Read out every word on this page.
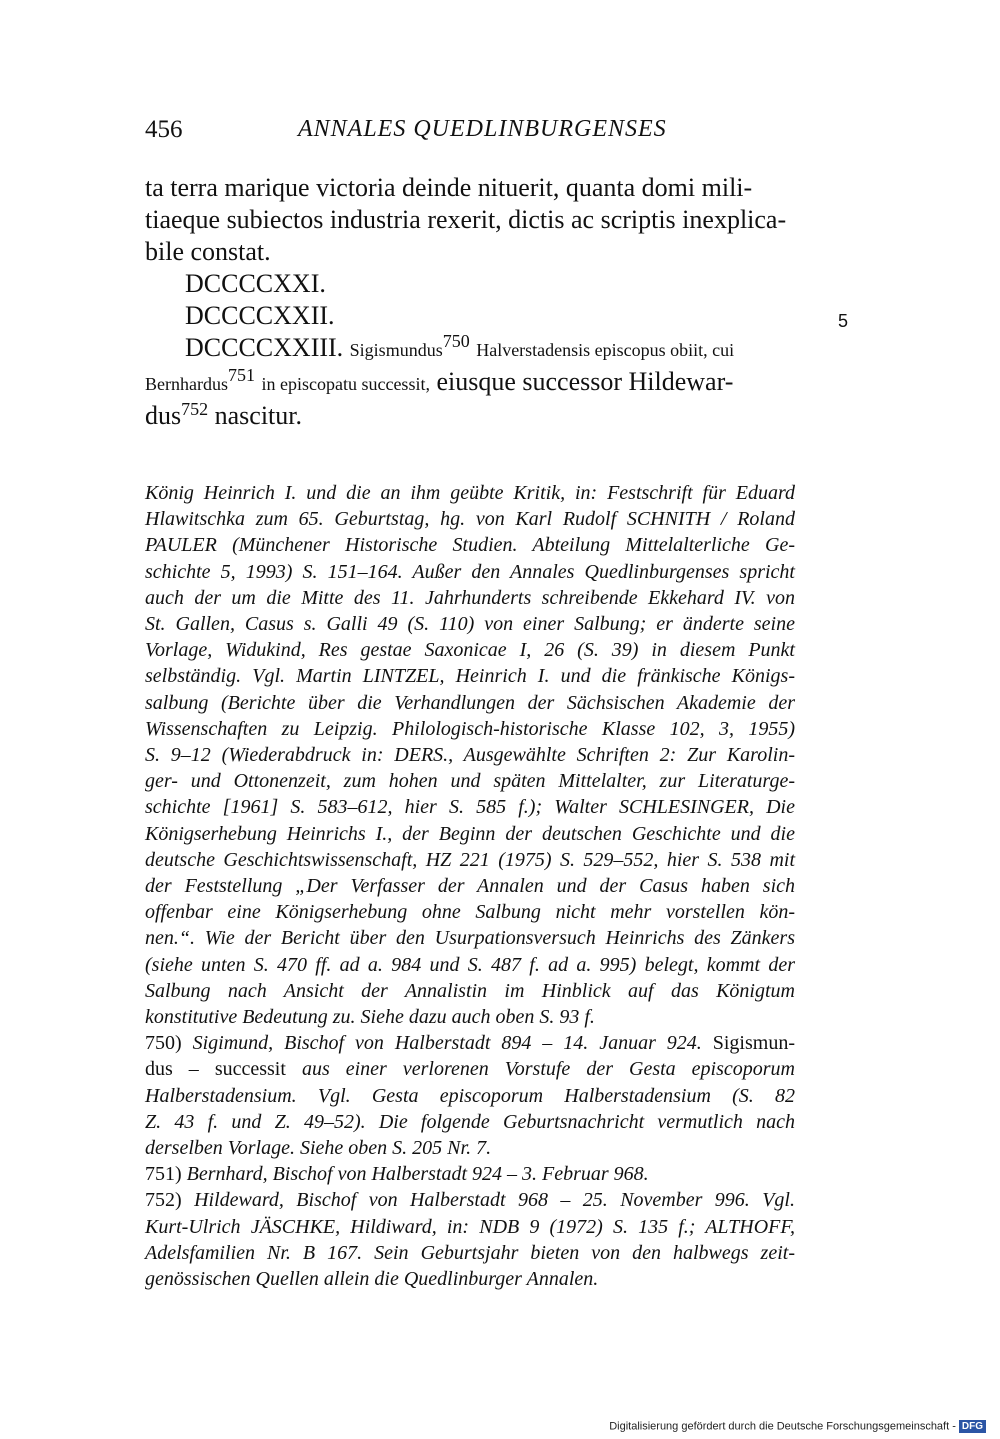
456	ANNALES QUEDLINBURGENSES
ta terra marique victoria deinde nituerit, quanta domi mili-
tiaeque subiectos industria rexerit, dictis ac scriptis inexplica-
bile constat.
DCCCCXXI.
DCCCCXXII.
DCCCCXXIII. Sigismundus$^{750}$ Halverstadensis episcopus obiit, cui
Bernhardus$^{751}$ in episcopatu successit, eiusque successor Hildewar-
dus$^{752}$ nascitur.
5
König Heinrich I. und die an ihm geübte Kritik, in: Festschrift für Eduard
Hlawitschka zum 65. Geburtstag, hg. von Karl Rudolf SCHNITH / Roland
PAULER (Münchener Historische Studien. Abteilung Mittelalterliche Ge-
schichte 5, 1993) S. 151–164. Außer den Annales Quedlinburgenses spricht
auch der um die Mitte des 11. Jahrhunderts schreibende Ekkehard IV. von
St. Gallen, Casus s. Galli 49 (S. 110) von einer Salbung; er änderte seine
Vorlage, Widukind, Res gestae Saxonicae I, 26 (S. 39) in diesem Punkt
selbständig. Vgl. Martin LINTZEL, Heinrich I. und die fränkische Königs-
salbung (Berichte über die Verhandlungen der Sächsischen Akademie der
Wissenschaften zu Leipzig. Philologisch-historische Klasse 102, 3, 1955)
S. 9–12 (Wiederabdruck in: DERS., Ausgewählte Schriften 2: Zur Karolin-
ger- und Ottonenzeit, zum hohen und späten Mittelalter, zur Literaturge-
schichte [1961] S. 583–612, hier S. 585 f.); Walter SCHLESINGER, Die
Königserhebung Heinrichs I., der Beginn der deutschen Geschichte und die
deutsche Geschichtswissenschaft, HZ 221 (1975) S. 529–552, hier S. 538 mit
der Feststellung „Der Verfasser der Annalen und der Casus haben sich
offenbar eine Königserhebung ohne Salbung nicht mehr vorstellen kön-
nen.“. Wie der Bericht über den Usurpationsversuch Heinrichs des Zänkers
(siehe unten S. 470 ff. ad a. 984 und S. 487 f. ad a. 995) belegt, kommt der
Salbung nach Ansicht der Annalistin im Hinblick auf das Königtum
konstitutive Bedeutung zu. Siehe dazu auch oben S. 93 f.
750) Sigimund, Bischof von Halberstadt 894 – 14. Januar 924. Sigismun-
dus – successit aus einer verlorenen Vorstufe der Gesta episcoporum
Halberstadensium. Vgl. Gesta episcoporum Halberstadensium (S. 82
Z. 43 f. und Z. 49–52). Die folgende Geburtsnachricht vermutlich nach
derselben Vorlage. Siehe oben S. 205 Nr. 7.
751) Bernhard, Bischof von Halberstadt 924 – 3. Februar 968.
752) Hildeward, Bischof von Halberstadt 968 – 25. November 996. Vgl.
Kurt-Ulrich JÄSCHKE, Hildiward, in: NDB 9 (1972) S. 135 f.; ALTHOFF,
Adelsfamilien Nr. B 167. Sein Geburtsjahr bieten von den halbwegs zeit-
genössischen Quellen allein die Quedlinburger Annalen.
Digitalisierung gefördert durch die Deutsche Forschungsgemeinschaft - DFG
